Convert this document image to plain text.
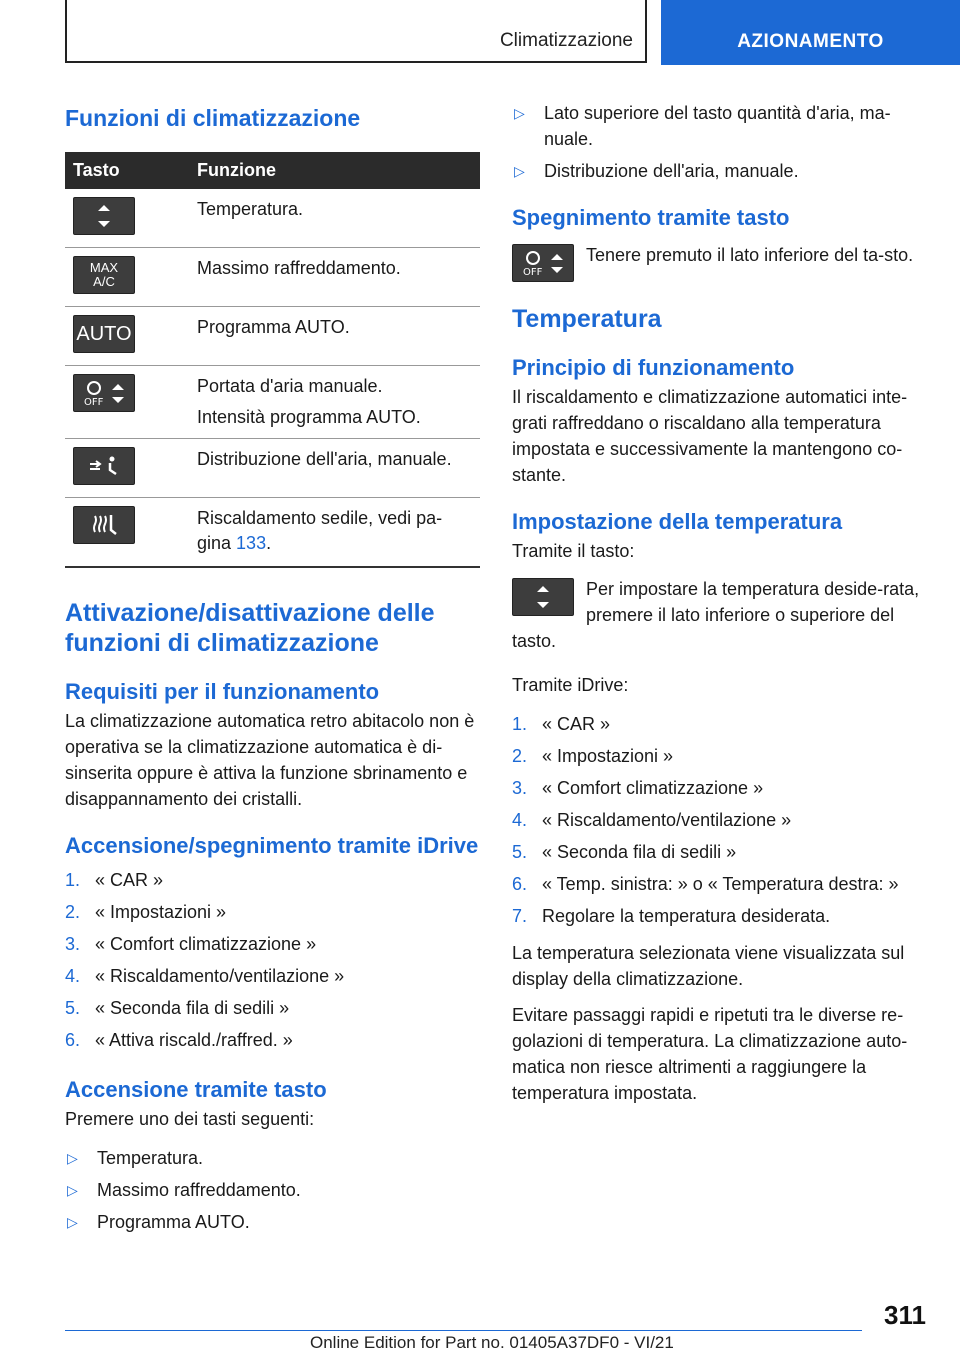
Climatizzazione	AZIONAMENTO
Funzioni di climatizzazione
Tasto	Funzione

	Temperatura.

MAX
A/C	Massimo raffreddamento.

AUTO	Programma AUTO.

OFF	Portata d'aria manuale.
Intensità programma AUTO.

	Distribuzione dell'aria, manuale.

	Riscaldamento sedile, vedi pa-gina 133.
Attivazione/disattivazione delle funzioni di climatizzazione
Requisiti per il funzionamento

La climatizzazione automatica retro abitacolo non è operativa se la climatizzazione automatica è di-sinserita oppure è attiva la funzione sbrinamento e disappannamento dei cristalli.

Accensione/spegnimento tramite iDrive
1. « CAR »
2. « Impostazioni »
3. « Comfort climatizzazione »
4. « Riscaldamento/ventilazione »
5. « Seconda fila di sedili »
6. « Attiva riscald./raffred. »
Accensione tramite tasto

Premere uno dei tasti seguenti:

▷	Temperatura.
▷	Massimo raffreddamento.
▷	Programma AUTO.
▷	Lato superiore del tasto quantità d'aria, ma-nuale.
▷	Distribuzione dell'aria, manuale.
Spegnimento tramite tasto
OFF

Tenere premuto il lato inferiore del ta-sto.

Temperatura
Principio di funzionamento

Il riscaldamento e climatizzazione automatici inte-grati raffreddano o riscaldano alla temperatura impostata e successivamente la mantengono co-stante.

Impostazione della temperatura

Tramite il tasto:

Per impostare la temperatura deside-rata, premere il lato inferiore o superiore del tasto.

Tramite iDrive:

1. « CAR »
2. « Impostazioni »
3. « Comfort climatizzazione »
4. « Riscaldamento/ventilazione »
5. « Seconda fila di sedili »
6. « Temp. sinistra: » o « Temperatura destra: »
7. Regolare la temperatura desiderata.

La temperatura selezionata viene visualizzata sul display della climatizzazione.

Evitare passaggi rapidi e ripetuti tra le diverse re-golazioni di temperatura. La climatizzazione auto-matica non riesce altrimenti a raggiungere la temperatura impostata.

311
Online Edition for Part no. 01405A37DF0 - VI/21
